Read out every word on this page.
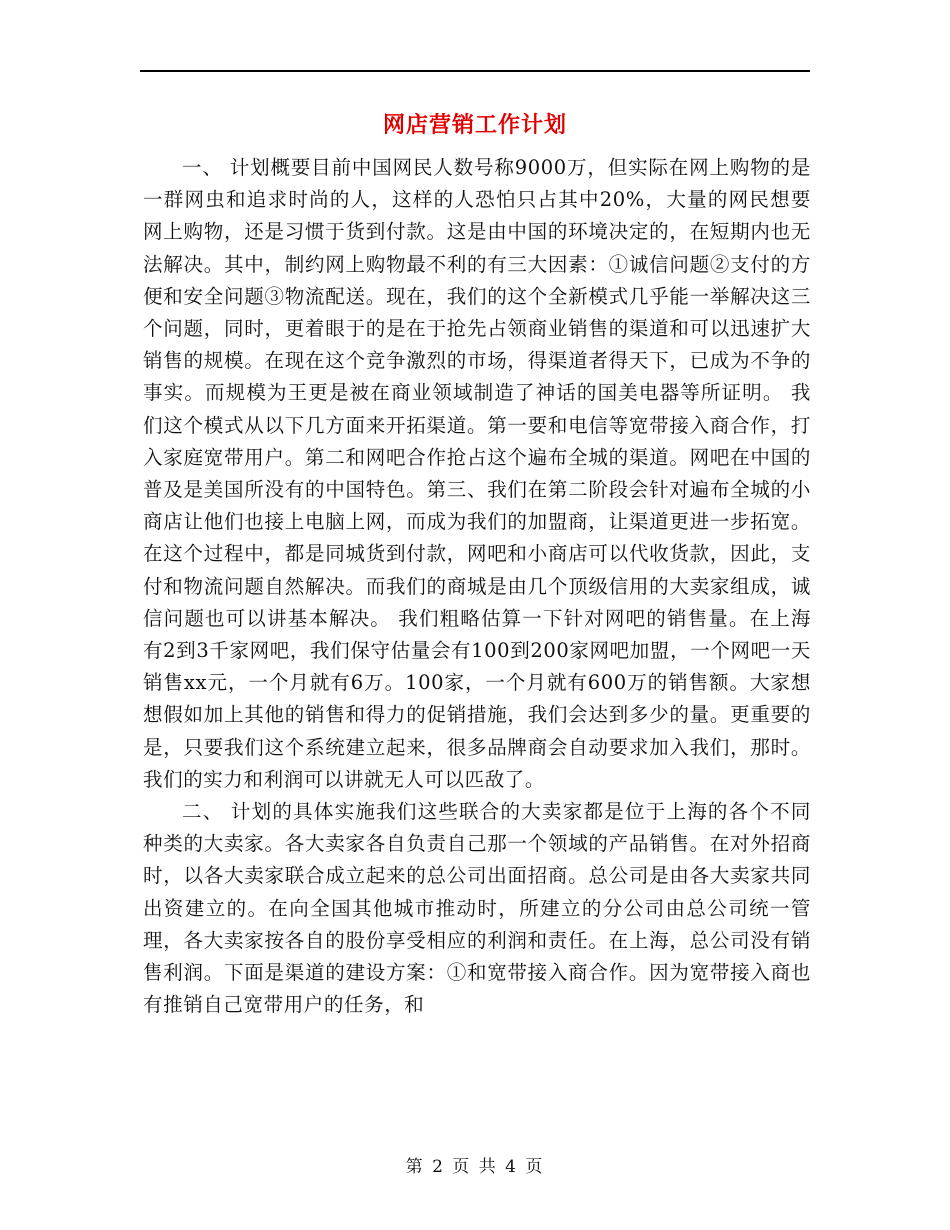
网店营销工作计划

一、 计划概要目前中国网民人数号称9000万，但实际在网上购物的是一群网虫和追求时尚的人，这样的人恐怕只占其中20%，大量的网民想要网上购物，还是习惯于货到付款。这是由中国的环境决定的，在短期内也无法解决。其中，制约网上购物最不利的有三大因素：①诚信问题②支付的方便和安全问题③物流配送。现在，我们的这个全新模式几乎能一举解决这三个问题，同时，更着眼于的是在于抢先占领商业销售的渠道和可以迅速扩大销售的规模。在现在这个竞争激烈的市场，得渠道者得天下，已成为不争的事实。而规模为王更是被在商业领域制造了神话的国美电器等所证明。 我们这个模式从以下几方面来开拓渠道。第一要和电信等宽带接入商合作，打入家庭宽带用户。第二和网吧合作抢占这个遍布全城的渠道。网吧在中国的普及是美国所没有的中国特色。第三、我们在第二阶段会针对遍布全城的小商店让他们也接上电脑上网，而成为我们的加盟商，让渠道更进一步拓宽。在这个过程中，都是同城货到付款，网吧和小商店可以代收货款，因此，支付和物流问题自然解决。而我们的商城是由几个顶级信用的大卖家组成，诚信问题也可以讲基本解决。 我们粗略估算一下针对网吧的销售量。在上海有2到3千家网吧，我们保守估量会有100到200家网吧加盟，一个网吧一天销售xx元，一个月就有6万。100家，一个月就有600万的销售额。大家想想假如加上其他的销售和得力的促销措施，我们会达到多少的量。更重要的是，只要我们这个系统建立起来，很多品牌商会自动要求加入我们，那时。我们的实力和利润可以讲就无人可以匹敌了。

二、 计划的具体实施我们这些联合的大卖家都是位于上海的各个不同种类的大卖家。各大卖家各自负责自己那一个领域的产品销售。在对外招商时，以各大卖家联合成立起来的总公司出面招商。总公司是由各大卖家共同出资建立的。在向全国其他城市推动时，所建立的分公司由总公司统一管理，各大卖家按各自的股份享受相应的利润和责任。在上海，总公司没有销售利润。下面是渠道的建设方案：①和宽带接入商合作。因为宽带接入商也有推销自己宽带用户的任务，和

第 2 页 共 4 页
